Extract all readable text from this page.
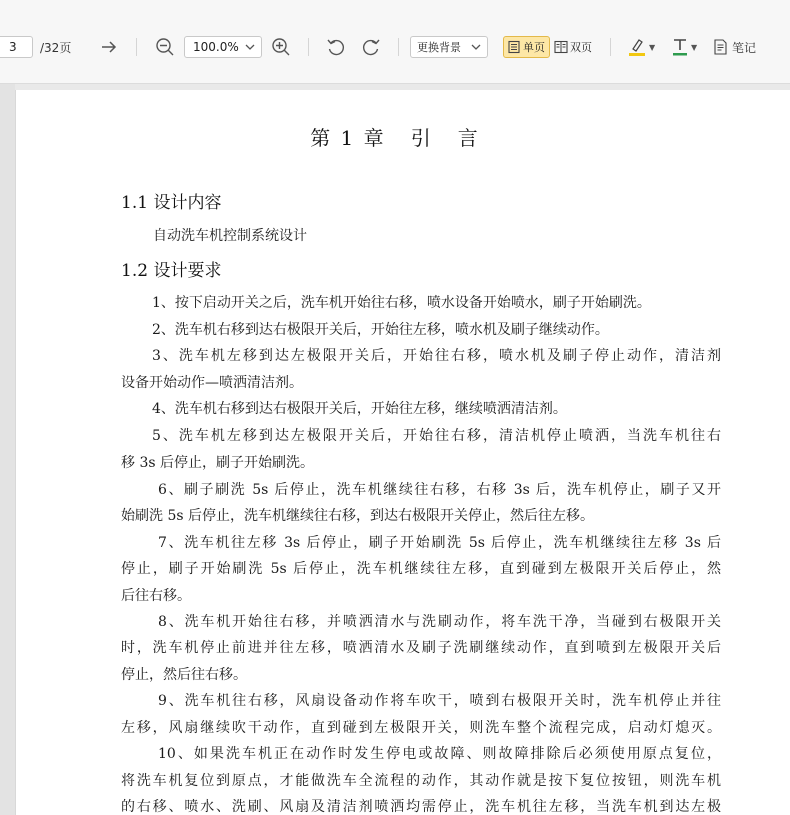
3
/32页	100.0%	更换背景	单页 双页	▼	▼	笔记
第 1 章   引   言
1.1 设计内容
自动洗车机控制系统设计
1.2 设计要求
1、按下启动开关之后，洗车机开始往右移，喷水设备开始喷水，刷子开始刷洗。
2、洗车机右移到达右极限开关后，开始往左移，喷水机及刷子继续动作。
3、洗车机左移到达左极限开关后，开始往右移，喷水机及刷子停止动作，清洁剂
设备开始动作—喷洒清洁剂。
4、洗车机右移到达右极限开关后，开始往左移，继续喷洒清洁剂。
5、洗车机左移到达左极限开关后，开始往右移，清洁机停止喷洒，当洗车机往右
移 3s 后停止，刷子开始刷洗。
6、刷子刷洗 5s 后停止，洗车机继续往右移，右移 3s 后，洗车机停止，刷子又开
始刷洗 5s 后停止，洗车机继续往右移，到达右极限开关停止，然后往左移。
7、洗车机往左移 3s 后停止，刷子开始刷洗 5s 后停止，洗车机继续往左移 3s 后
停止，刷子开始刷洗 5s 后停止，洗车机继续往左移，直到碰到左极限开关后停止，然
后往右移。
8、洗车机开始往右移，并喷洒清水与洗刷动作，将车洗干净，当碰到右极限开关
时，洗车机停止前进并往左移，喷洒清水及刷子洗刷继续动作，直到喷到左极限开关后
停止，然后往右移。
9、洗车机往右移，风扇设备动作将车吹干，喷到右极限开关时，洗车机停止并往
左移，风扇继续吹干动作，直到碰到左极限开关，则洗车整个流程完成，启动灯熄灭。
10、如果洗车机正在动作时发生停电或故障、则故障排除后必须使用原点复位，
将洗车机复位到原点，才能做洗车全流程的动作，其动作就是按下复位按钮，则洗车机
的右移、喷水、洗刷、风扇及清洁剂喷洒均需停止，洗车机往左移，当洗车机到达左极
